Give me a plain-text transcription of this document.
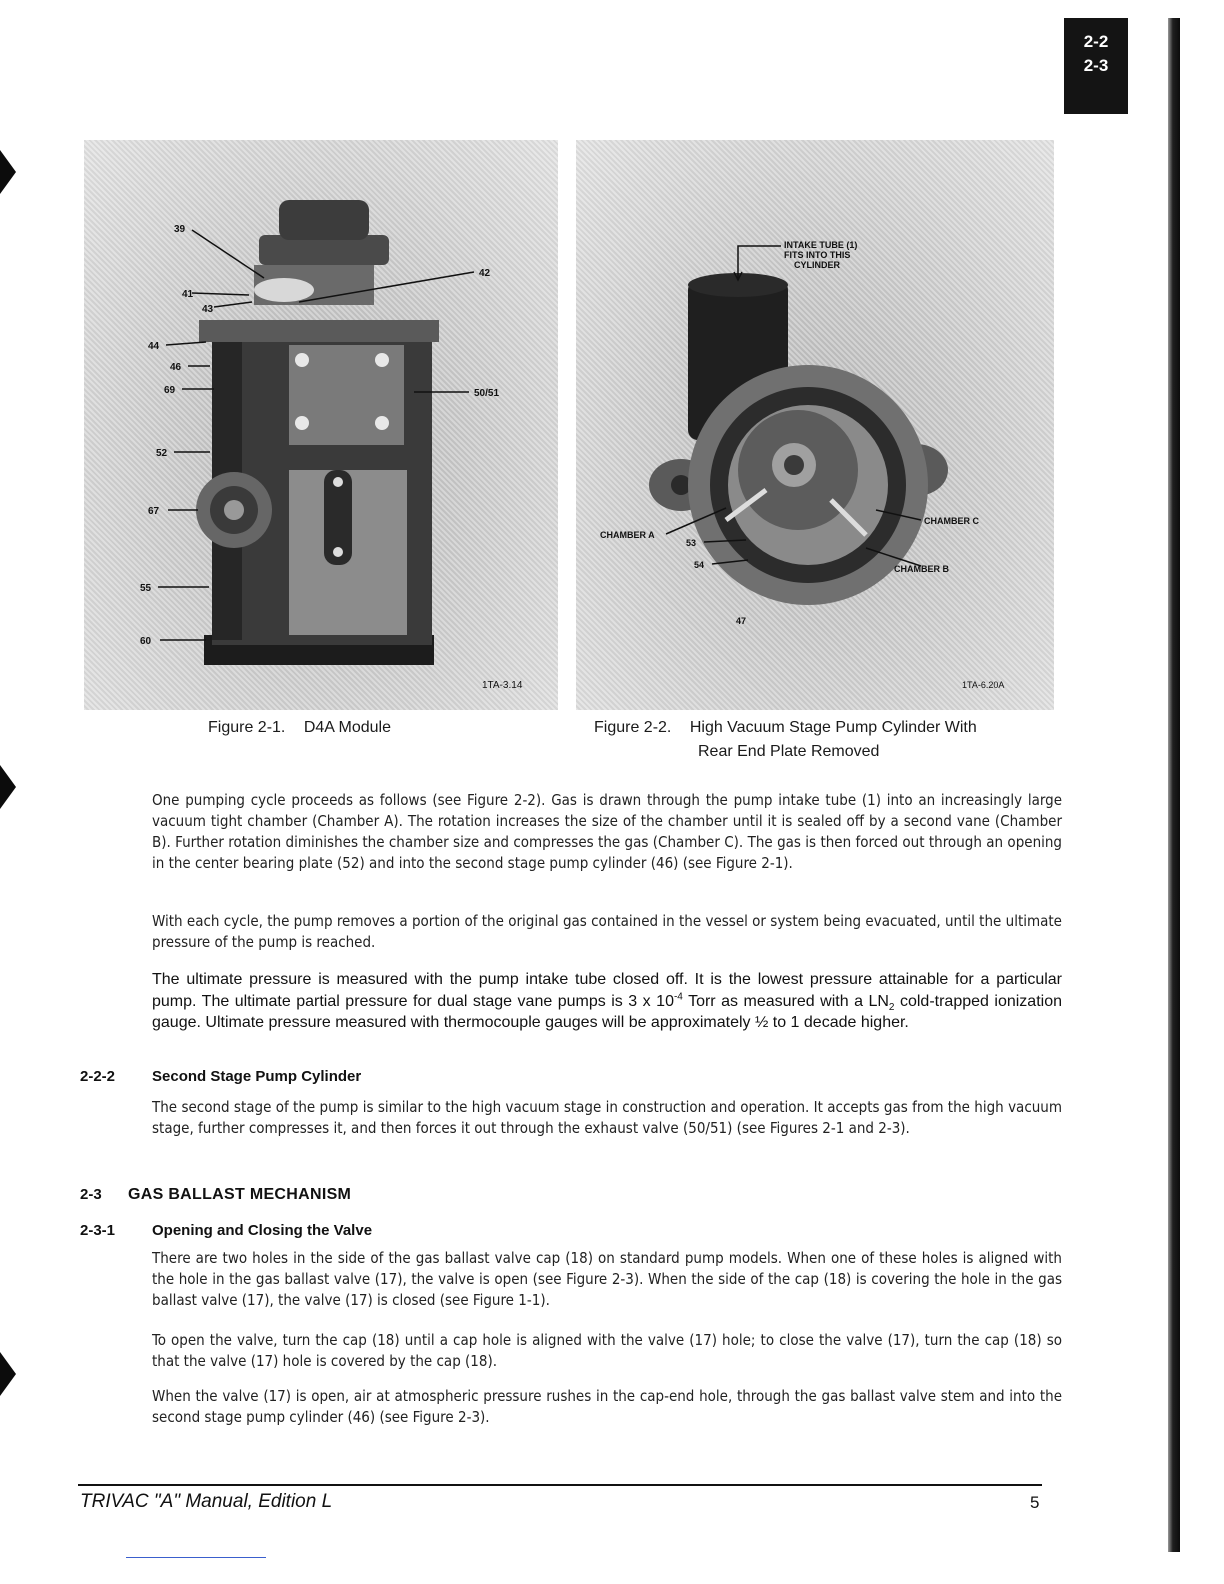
2-2
2-3
39
41
42
43
44
46
69	50/51
52
67
55
60
1TA-3.14
Figure 2-1. D4A Module
INTAKE TUBE (1)
FITS INTO THIS
CYLINDER
CHAMBER A
CHAMBER C
CHAMBER B
53
54
47
1TA-6.20A
Figure 2-2. High Vacuum Stage Pump Cylinder With
Rear End Plate Removed

One pumping cycle proceeds as follows (see Figure 2-2). Gas is drawn through the pump intake tube (1) into an increasingly large vacuum tight chamber (Chamber A). The rotation increases the size of the chamber until it is sealed off by a second vane (Chamber B). Further rotation diminishes the chamber size and compresses the gas (Chamber C). The gas is then forced out through an opening in the center bearing plate (52) and into the second stage pump cylinder (46) (see Figure 2-1).

With each cycle, the pump removes a portion of the original gas contained in the vessel or system being evacuated, until the ultimate pressure of the pump is reached.

The ultimate pressure is measured with the pump intake tube closed off. It is the lowest pressure attainable for a particular pump. The ultimate partial pressure for dual stage vane pumps is 3 x $10^{-4}$ Torr as measured with a $LN_2$ cold-trapped ionization gauge. Ultimate pressure measured with thermocouple gauges will be approximately ½ to 1 decade higher.

2-2-2 Second Stage Pump Cylinder

The second stage of the pump is similar to the high vacuum stage in construction and operation. It accepts gas from the high vacuum stage, further compresses it, and then forces it out through the exhaust valve (50/51) (see Figures 2-1 and 2-3).

2-3 GAS BALLAST MECHANISM
2-3-1 Opening and Closing the Valve

There are two holes in the side of the gas ballast valve cap (18) on standard pump models. When one of these holes is aligned with the hole in the gas ballast valve (17), the valve is open (see Figure 2-3). When the side of the cap (18) is covering the hole in the gas ballast valve (17), the valve (17) is closed (see Figure 1-1).

To open the valve, turn the cap (18) until a cap hole is aligned with the valve (17) hole; to close the valve (17), turn the cap (18) so that the valve (17) hole is covered by the cap (18).

When the valve (17) is open, air at atmospheric pressure rushes in the cap-end hole, through the gas ballast valve stem and into the second stage pump cylinder (46) (see Figure 2-3).

TRIVAC "A" Manual, Edition L	5
